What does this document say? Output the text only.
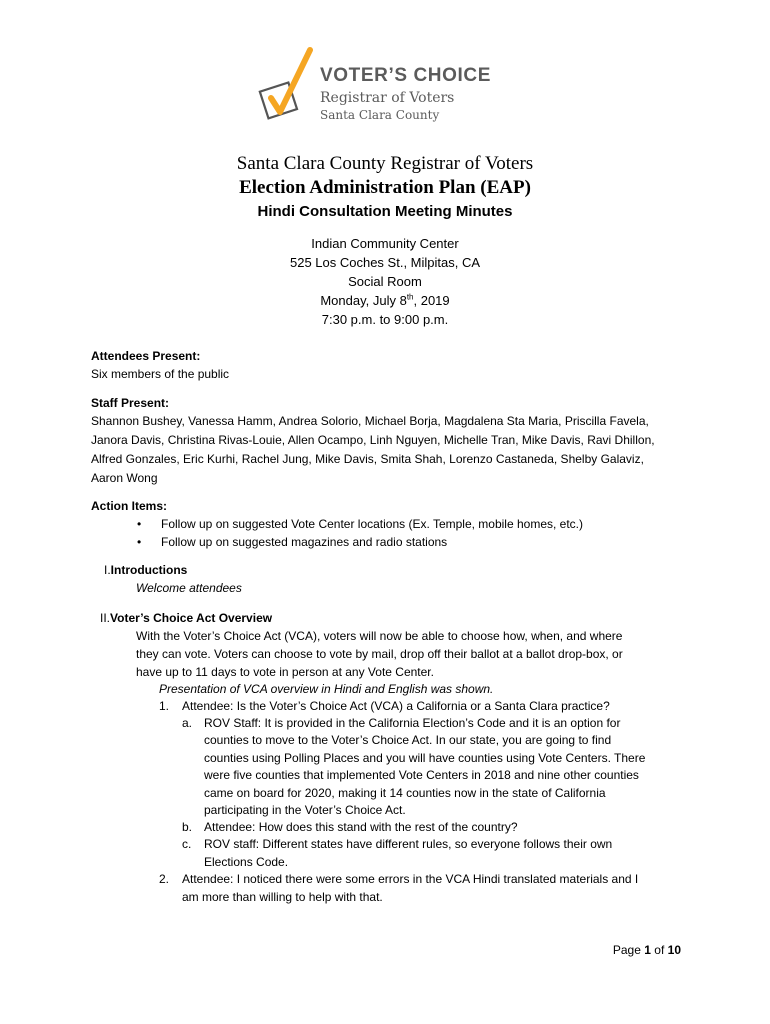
VOTER’S CHOICE
Registrar of Voters
Santa Clara County
Santa Clara County Registrar of Voters
Election Administration Plan (EAP)
Hindi Consultation Meeting Minutes
Indian Community Center
525 Los Coches St., Milpitas, CA
Social Room
Monday, July 8th, 2019
7:30 p.m. to 9:00 p.m.
Attendees Present:
Six members of the public
Staff Present:
Shannon Bushey, Vanessa Hamm, Andrea Solorio, Michael Borja, Magdalena Sta Maria, Priscilla Favela,
Janora Davis, Christina Rivas-Louie, Allen Ocampo, Linh Nguyen, Michelle Tran, Mike Davis, Ravi Dhillon,
Alfred Gonzales, Eric Kurhi, Rachel Jung, Mike Davis, Smita Shah, Lorenzo Castaneda, Shelby Galaviz,
Aaron Wong
Action Items:
• Follow up on suggested Vote Center locations (Ex. Temple, mobile homes, etc.)
• Follow up on suggested magazines and radio stations
I.Introductions
Welcome attendees
II.Voter’s Choice Act Overview
With the Voter’s Choice Act (VCA), voters will now be able to choose how, when, and where
they can vote. Voters can choose to vote by mail, drop off their ballot at a ballot drop-box, or
have up to 11 days to vote in person at any Vote Center.
Presentation of VCA overview in Hindi and English was shown.
1. Attendee: Is the Voter’s Choice Act (VCA) a California or a Santa Clara practice?
a. ROV Staff: It is provided in the California Election’s Code and it is an option for
counties to move to the Voter’s Choice Act. In our state, you are going to find
counties using Polling Places and you will have counties using Vote Centers. There
were five counties that implemented Vote Centers in 2018 and nine other counties
came on board for 2020, making it 14 counties now in the state of California
participating in the Voter’s Choice Act.
b. Attendee: How does this stand with the rest of the country?
c. ROV staff: Different states have different rules, so everyone follows their own
Elections Code.
2. Attendee: I noticed there were some errors in the VCA Hindi translated materials and I
am more than willing to help with that.
Page 1 of 10
